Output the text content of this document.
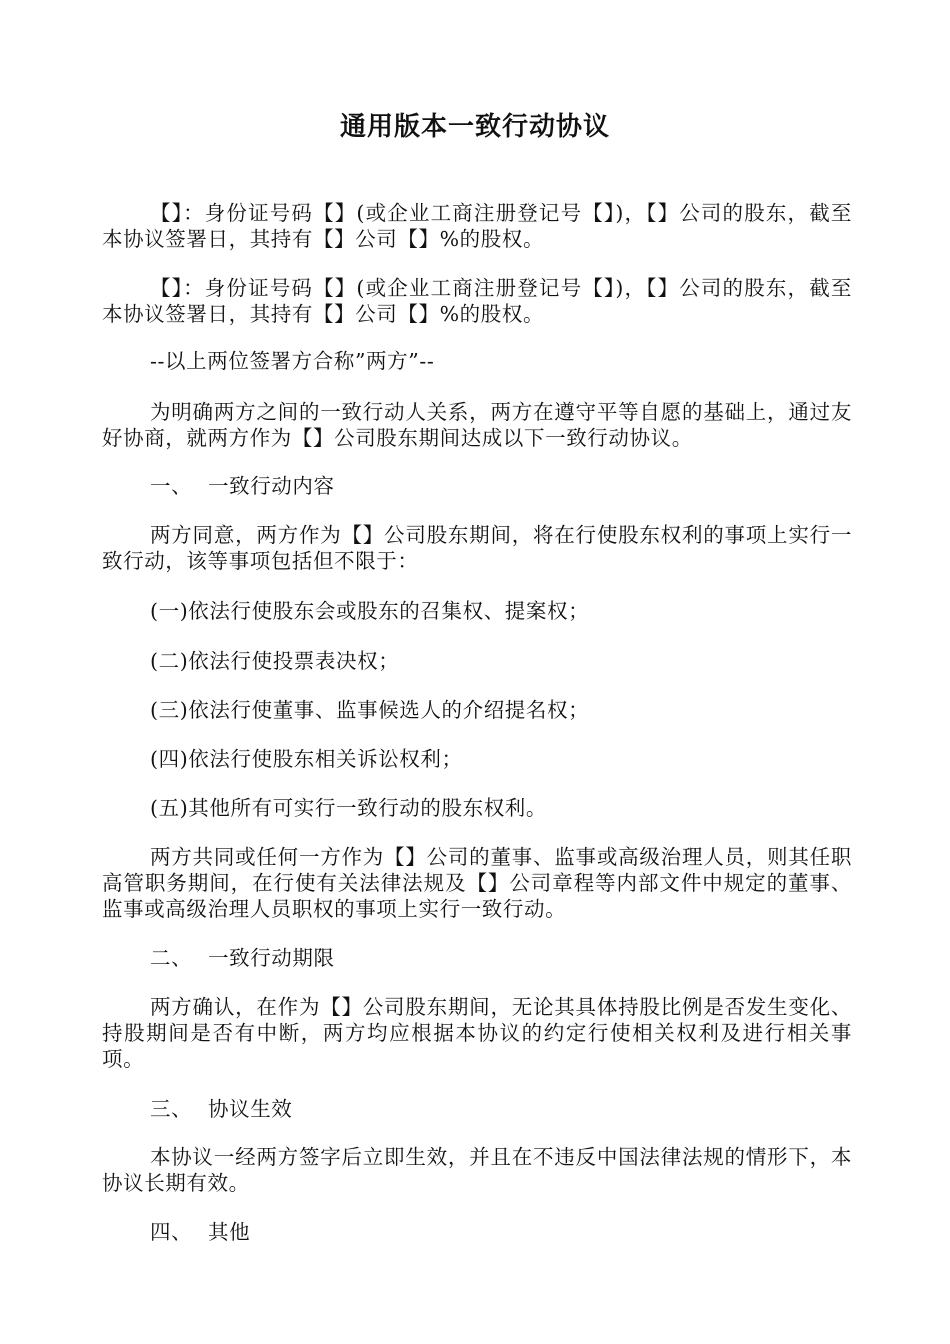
通用版本一致行动协议

【】：身份证号码【】(或企业工商注册登记号【】)，【】公司的股东，截至本协议签署日，其持有【】公司【】%的股权。

【】：身份证号码【】(或企业工商注册登记号【】)，【】公司的股东，截至本协议签署日，其持有【】公司【】%的股权。

--以上两位签署方合称”两方”--

为明确两方之间的一致行动人关系，两方在遵守平等自愿的基础上，通过友好协商，就两方作为【】公司股东期间达成以下一致行动协议。

一、 一致行动内容

两方同意，两方作为【】公司股东期间，将在行使股东权利的事项上实行一致行动，该等事项包括但不限于：

(一)依法行使股东会或股东的召集权、提案权；

(二)依法行使投票表决权；

(三)依法行使董事、监事候选人的介绍提名权；

(四)依法行使股东相关诉讼权利；

(五)其他所有可实行一致行动的股东权利。

两方共同或任何一方作为【】公司的董事、监事或高级治理人员，则其任职高管职务期间，在行使有关法律法规及【】公司章程等内部文件中规定的董事、监事或高级治理人员职权的事项上实行一致行动。

二、 一致行动期限

两方确认，在作为【】公司股东期间，无论其具体持股比例是否发生变化、持股期间是否有中断，两方均应根据本协议的约定行使相关权利及进行相关事项。

三、 协议生效

本协议一经两方签字后立即生效，并且在不违反中国法律法规的情形下，本协议长期有效。

四、 其他
